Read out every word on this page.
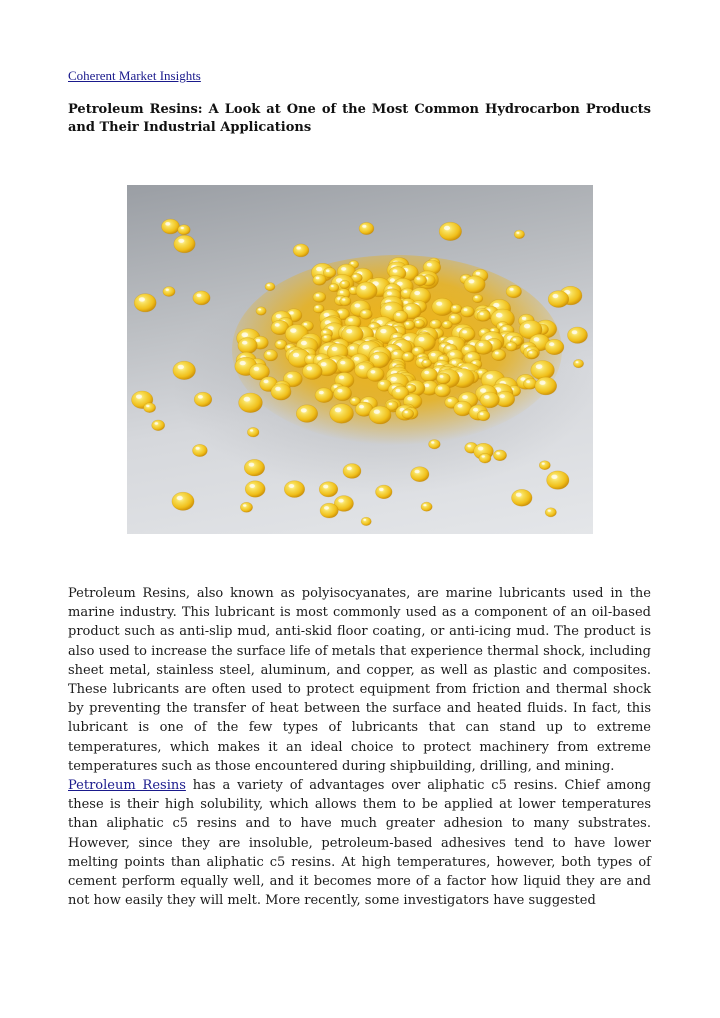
Coherent Market Insights
Petroleum Resins: A Look at One of the Most Common Hydrocarbon Products and Their Industrial Applications

Petroleum Resins, also known as polyisocyanates, are marine lubricants used in the marine industry. This lubricant is most commonly used as a component of an oil-based product such as anti-slip mud, anti-skid floor coating, or anti-icing mud. The product is also used to increase the surface life of metals that experience thermal shock, including sheet metal, stainless steel, aluminum, and copper, as well as plastic and composites. These lubricants are often used to protect equipment from friction and thermal shock by preventing the transfer of heat between the surface and heated fluids. In fact, this lubricant is one of the few types of lubricants that can stand up to extreme temperatures, which makes it an ideal choice to protect machinery from extreme temperatures such as those encountered during shipbuilding, drilling, and mining.

Petroleum Resins has a variety of advantages over aliphatic c5 resins. Chief among these is their high solubility, which allows them to be applied at lower temperatures than aliphatic c5 resins and to have much greater adhesion to many substrates. However, since they are insoluble, petroleum-based adhesives tend to have lower melting points than aliphatic c5 resins. At high temperatures, however, both types of cement perform equally well, and it becomes more of a factor how liquid they are and not how easily they will melt. More recently, some investigators have suggested
